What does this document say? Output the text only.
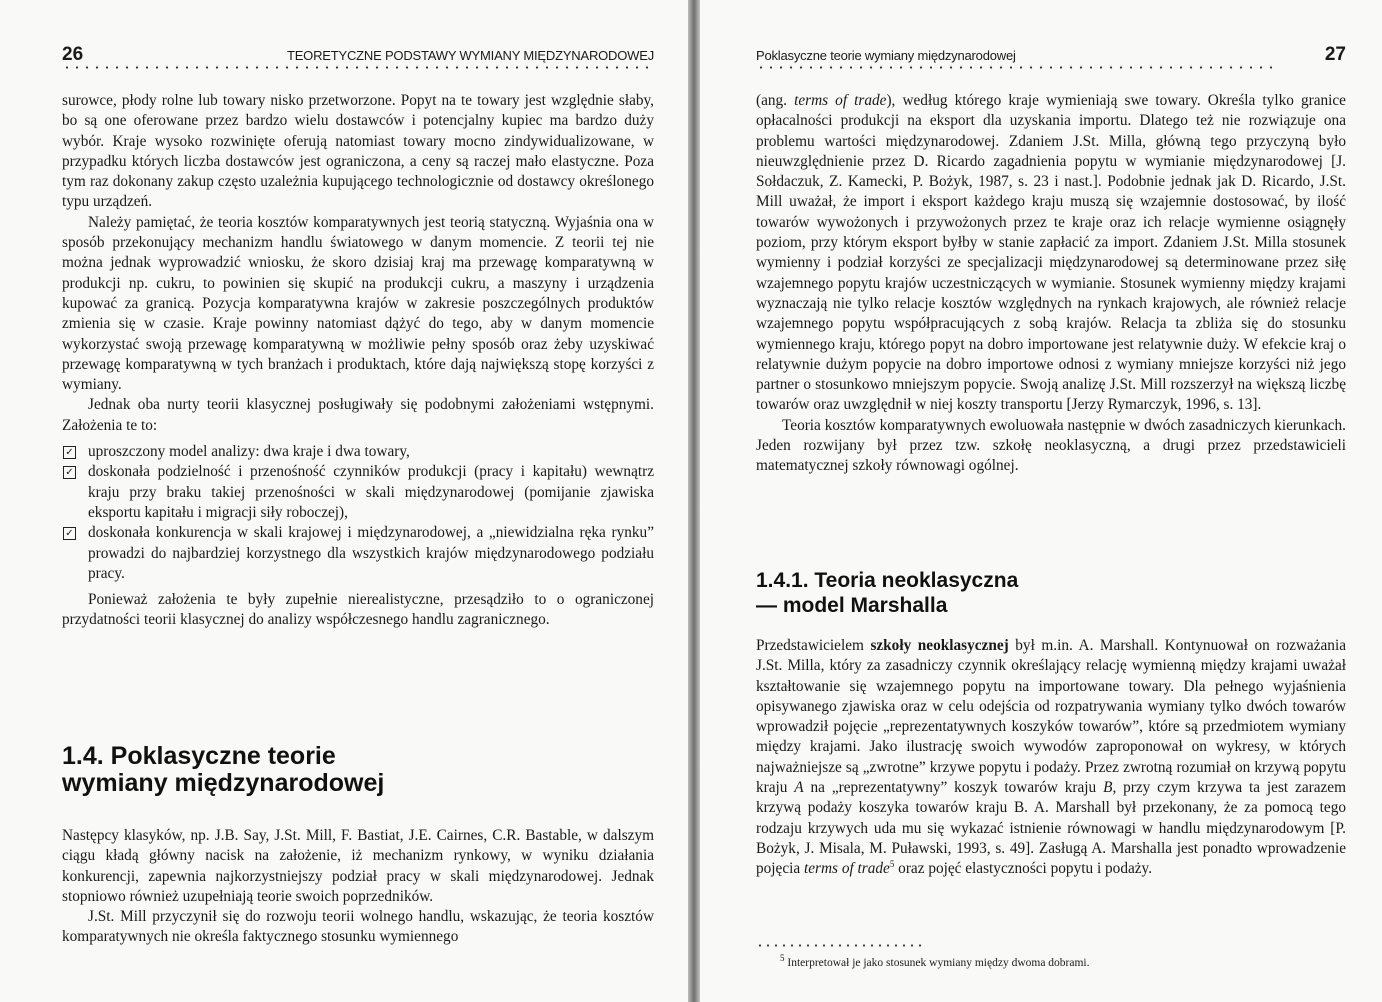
26	TEORETYCZNE PODSTAWY WYMIANY MIĘDZYNARODOWEJ

surowce, płody rolne lub towary nisko przetworzone. Popyt na te towary jest względnie słaby, bo są one oferowane przez bardzo wielu dostawców i potencjalny kupiec ma bardzo duży wybór. Kraje wysoko rozwinięte oferują natomiast towary mocno zindywidualizowane, w przypadku których liczba dostawców jest ograniczona, a ceny są raczej mało elastyczne. Poza tym raz dokonany zakup często uzależnia kupującego technologicznie od dostawcy określonego typu urządzeń.

Należy pamiętać, że teoria kosztów komparatywnych jest teorią statyczną. Wyjaśnia ona w sposób przekonujący mechanizm handlu światowego w danym momencie. Z teorii tej nie można jednak wyprowadzić wniosku, że skoro dzisiaj kraj ma przewagę komparatywną w produkcji np. cukru, to powinien się skupić na produkcji cukru, a maszyny i urządzenia kupować za granicą. Pozycja komparatywna krajów w zakresie poszczególnych produktów zmienia się w czasie. Kraje powinny natomiast dążyć do tego, aby w danym momencie wykorzystać swoją przewagę komparatywną w możliwie pełny sposób oraz żeby uzyskiwać przewagę komparatywną w tych branżach i produktach, które dają największą stopę korzyści z wymiany.

Jednak oba nurty teorii klasycznej posługiwały się podobnymi założeniami wstępnymi. Założenia te to:

✓ uproszczony model analizy: dwa kraje i dwa towary,
✓ doskonała podzielność i przenośność czynników produkcji (pracy i kapitału) wewnątrz kraju przy braku takiej przenośności w skali międzynarodowej (pomijanie zjawiska eksportu kapitału i migracji siły roboczej),
✓ doskonała konkurencja w skali krajowej i międzynarodowej, a „niewidzialna ręka rynku” prowadzi do najbardziej korzystnego dla wszystkich krajów międzynarodowego podziału pracy.

Ponieważ założenia te były zupełnie nierealistyczne, przesądziło to o ograniczonej przydatności teorii klasycznej do analizy współczesnego handlu zagranicznego.

1.4. Poklasyczne teorie
wymiany międzynarodowej

Następcy klasyków, np. J.B. Say, J.St. Mill, F. Bastiat, J.E. Cairnes, C.R. Bastable, w dalszym ciągu kładą główny nacisk na założenie, iż mechanizm rynkowy, w wyniku działania konkurencji, zapewnia najkorzystniejszy podział pracy w skali międzynarodowej. Jednak stopniowo również uzupełniają teorie swoich poprzedników.

J.St. Mill przyczynił się do rozwoju teorii wolnego handlu, wskazując, że teoria kosztów komparatywnych nie określa faktycznego stosunku wymiennego

Poklasyczne teorie wymiany międzynarodowej	27

(ang. terms of trade), według którego kraje wymieniają swe towary. Określa tylko granice opłacalności produkcji na eksport dla uzyskania importu. Dlatego też nie rozwiązuje ona problemu wartości międzynarodowej. Zdaniem J.St. Milla, główną tego przyczyną było nieuwzględnienie przez D. Ricardo zagadnienia popytu w wymianie międzynarodowej [J. Sołdaczuk, Z. Kamecki, P. Bożyk, 1987, s. 23 i nast.]. Podobnie jednak jak D. Ricardo, J.St. Mill uważał, że import i eksport każdego kraju muszą się wzajemnie dostosować, by ilość towarów wywożonych i przywożonych przez te kraje oraz ich relacje wymienne osiągnęły poziom, przy którym eksport byłby w stanie zapłacić za import. Zdaniem J.St. Milla stosunek wymienny i podział korzyści ze specjalizacji międzynarodowej są determinowane przez siłę wzajemnego popytu krajów uczestniczących w wymianie. Stosunek wymienny między krajami wyznaczają nie tylko relacje kosztów względnych na rynkach krajowych, ale również relacje wzajemnego popytu współpracujących z sobą krajów. Relacja ta zbliża się do stosunku wymiennego kraju, którego popyt na dobro importowane jest relatywnie duży. W efekcie kraj o relatywnie dużym popycie na dobro importowe odnosi z wymiany mniejsze korzyści niż jego partner o stosunkowo mniejszym popycie. Swoją analizę J.St. Mill rozszerzył na większą liczbę towarów oraz uwzględnił w niej koszty transportu [Jerzy Rymarczyk, 1996, s. 13].

Teoria kosztów komparatywnych ewoluowała następnie w dwóch zasadniczych kierunkach. Jeden rozwijany był przez tzw. szkołę neoklasyczną, a drugi przez przedstawicieli matematycznej szkoły równowagi ogólnej.

1.4.1. Teoria neoklasyczna
— model Marshalla

Przedstawicielem szkoły neoklasycznej był m.in. A. Marshall. Kontynuował on rozważania J.St. Milla, który za zasadniczy czynnik określający relację wymienną między krajami uważał kształtowanie się wzajemnego popytu na importowane towary. Dla pełnego wyjaśnienia opisywanego zjawiska oraz w celu odejścia od rozpatrywania wymiany tylko dwóch towarów wprowadził pojęcie „reprezentatywnych koszyków towarów”, które są przedmiotem wymiany między krajami. Jako ilustrację swoich wywodów zaproponował on wykresy, w których najważniejsze są „zwrotne” krzywe popytu i podaży. Przez zwrotną rozumiał on krzywą popytu kraju A na „reprezentatywny” koszyk towarów kraju B, przy czym krzywa ta jest zarazem krzywą podaży koszyka towarów kraju B. A. Marshall był przekonany, że za pomocą tego rodzaju krzywych uda mu się wykazać istnienie równowagi w handlu międzynarodowym [P. Bożyk, J. Misala, M. Puławski, 1993, s. 49]. Zasługą A. Marshalla jest ponadto wprowadzenie pojęcia terms of trade$^5$ oraz pojęć elastyczności popytu i podaży.

$^5$ Interpretował je jako stosunek wymiany między dwoma dobrami.
